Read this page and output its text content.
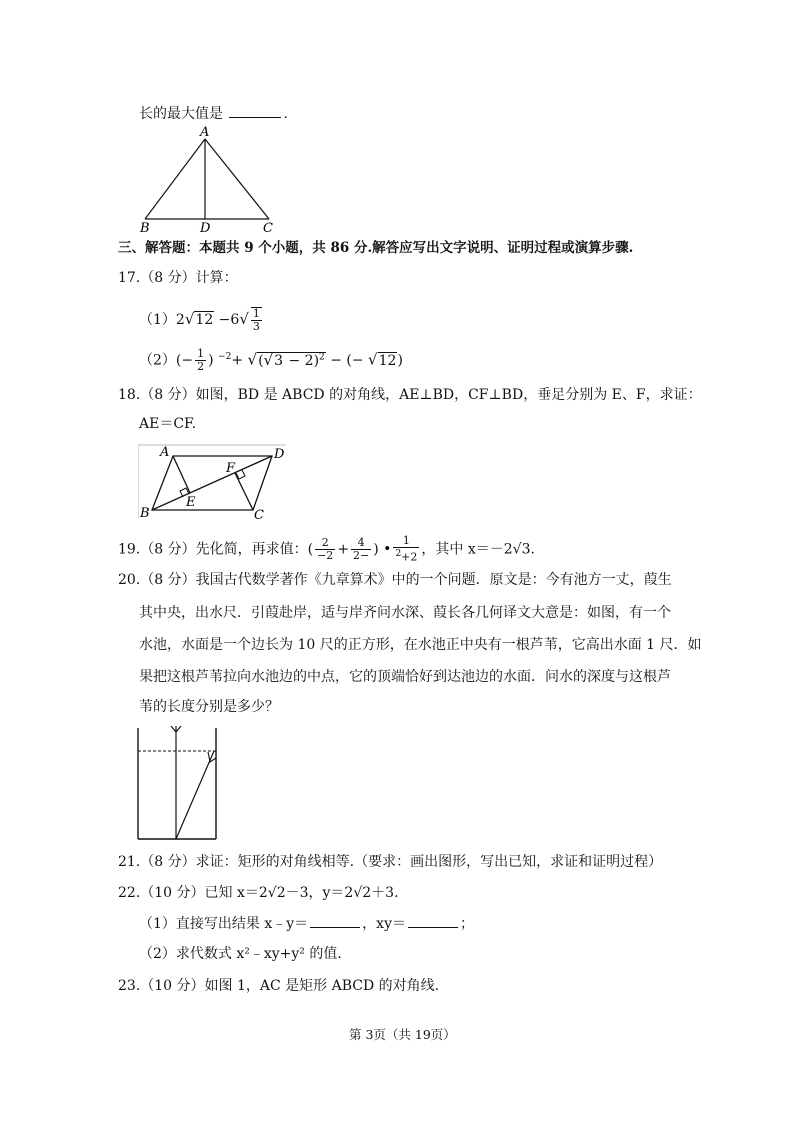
长的最大值是	.
A
B	D	C
三、解答题：本题共 9 个小题，共 86 分.解答应写出文字说明、证明过程或演算步骤.
17.（8 分）计算：
$(1)2√12 -6√ \frac{1}{3}$
$(2)(- \frac{1}{2}$ ) $^{-2}+ √(√3 - 2)^2$ − (− √12)
18.（8 分）如图，BD 是 ABCD 的对角线，AE⊥BD，CF⊥BD，垂足分别为 E、F，求证：
AE＝CF.
A	D
F
E
B	C
19.（8 分）先化简，再求值：( $\frac{2}{-2} + \frac{4}{2-}$ ) • $\frac{1}{^2+2}$ ，其中 x＝－2√3.
20.（8 分）我国古代数学著作《九章算术》中的一个问题．原文是：今有池方一丈，葭生
其中央，出水尺．引葭赴岸，适与岸齐问水深、葭长各几何译文大意是：如图，有一个
水池，水面是一个边长为 10 尺的正方形，在水池正中央有一根芦苇，它高出水面 1 尺．如
果把这根芦苇拉向水池边的中点，它的顶端恰好到达池边的水面．问水的深度与这根芦
苇的长度分别是多少？
21.（8 分）求证：矩形的对角线相等.（要求：画出图形，写出已知，求证和证明过程）
22.（10 分）已知 x＝2√2－3，y＝2√2＋3.
（1）直接写出结果 x﹣y＝	，xy＝	；
（2）求代数式 x²﹣xy+y² 的值.
23.（10 分）如图 1，AC 是矩形 ABCD 的对角线.
第 3页（共 19页）
